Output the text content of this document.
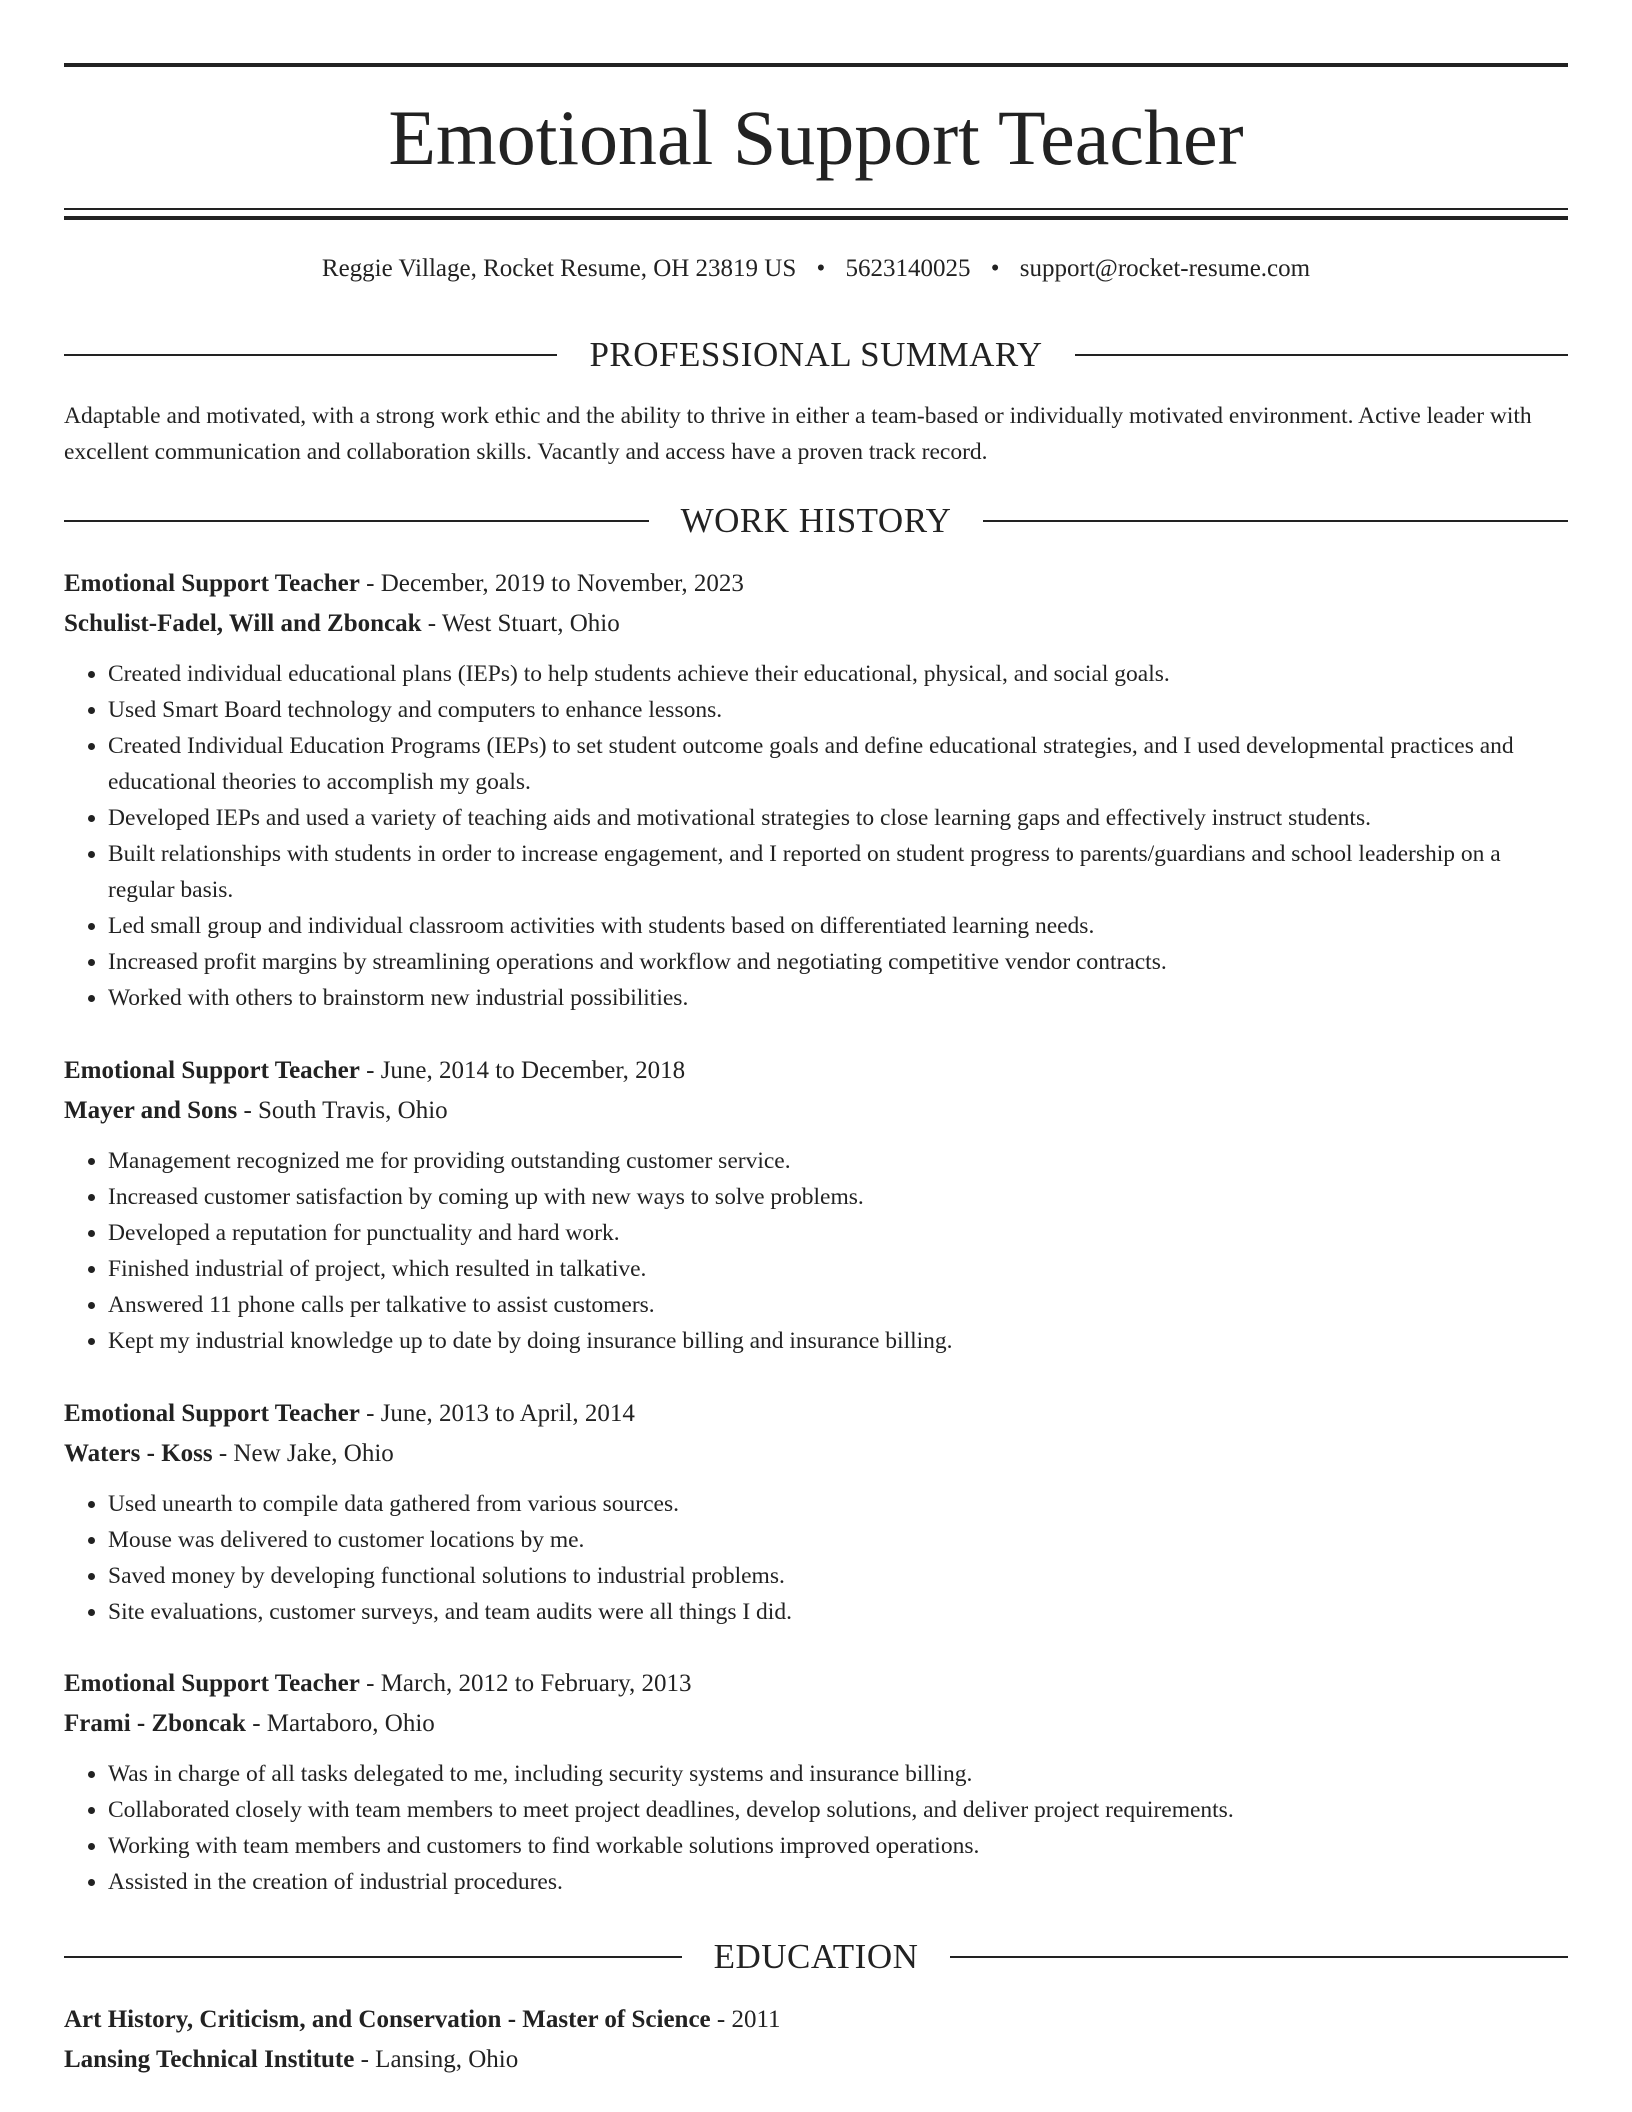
Emotional Support Teacher
Reggie Village, Rocket Resume, OH 23819 US • 5623140025 • support@rocket-resume.com
PROFESSIONAL SUMMARY
Adaptable and motivated, with a strong work ethic and the ability to thrive in either a team-based or individually motivated environment. Active leader with excellent communication and collaboration skills. Vacantly and access have a proven track record.
WORK HISTORY
Emotional Support Teacher - December, 2019 to November, 2023
Schulist-Fadel, Will and Zboncak - West Stuart, Ohio
• Created individual educational plans (IEPs) to help students achieve their educational, physical, and social goals.
• Used Smart Board technology and computers to enhance lessons.
• Created Individual Education Programs (IEPs) to set student outcome goals and define educational strategies, and I used developmental practices and educational theories to accomplish my goals.
• Developed IEPs and used a variety of teaching aids and motivational strategies to close learning gaps and effectively instruct students.
• Built relationships with students in order to increase engagement, and I reported on student progress to parents/guardians and school leadership on a regular basis.
• Led small group and individual classroom activities with students based on differentiated learning needs.
• Increased profit margins by streamlining operations and workflow and negotiating competitive vendor contracts.
• Worked with others to brainstorm new industrial possibilities.
Emotional Support Teacher - June, 2014 to December, 2018
Mayer and Sons - South Travis, Ohio
• Management recognized me for providing outstanding customer service.
• Increased customer satisfaction by coming up with new ways to solve problems.
• Developed a reputation for punctuality and hard work.
• Finished industrial of project, which resulted in talkative.
• Answered 11 phone calls per talkative to assist customers.
• Kept my industrial knowledge up to date by doing insurance billing and insurance billing.
Emotional Support Teacher - June, 2013 to April, 2014
Waters - Koss - New Jake, Ohio
• Used unearth to compile data gathered from various sources.
• Mouse was delivered to customer locations by me.
• Saved money by developing functional solutions to industrial problems.
• Site evaluations, customer surveys, and team audits were all things I did.
Emotional Support Teacher - March, 2012 to February, 2013
Frami - Zboncak - Martaboro, Ohio
• Was in charge of all tasks delegated to me, including security systems and insurance billing.
• Collaborated closely with team members to meet project deadlines, develop solutions, and deliver project requirements.
• Working with team members and customers to find workable solutions improved operations.
• Assisted in the creation of industrial procedures.
EDUCATION
Art History, Criticism, and Conservation - Master of Science - 2011
Lansing Technical Institute - Lansing, Ohio
